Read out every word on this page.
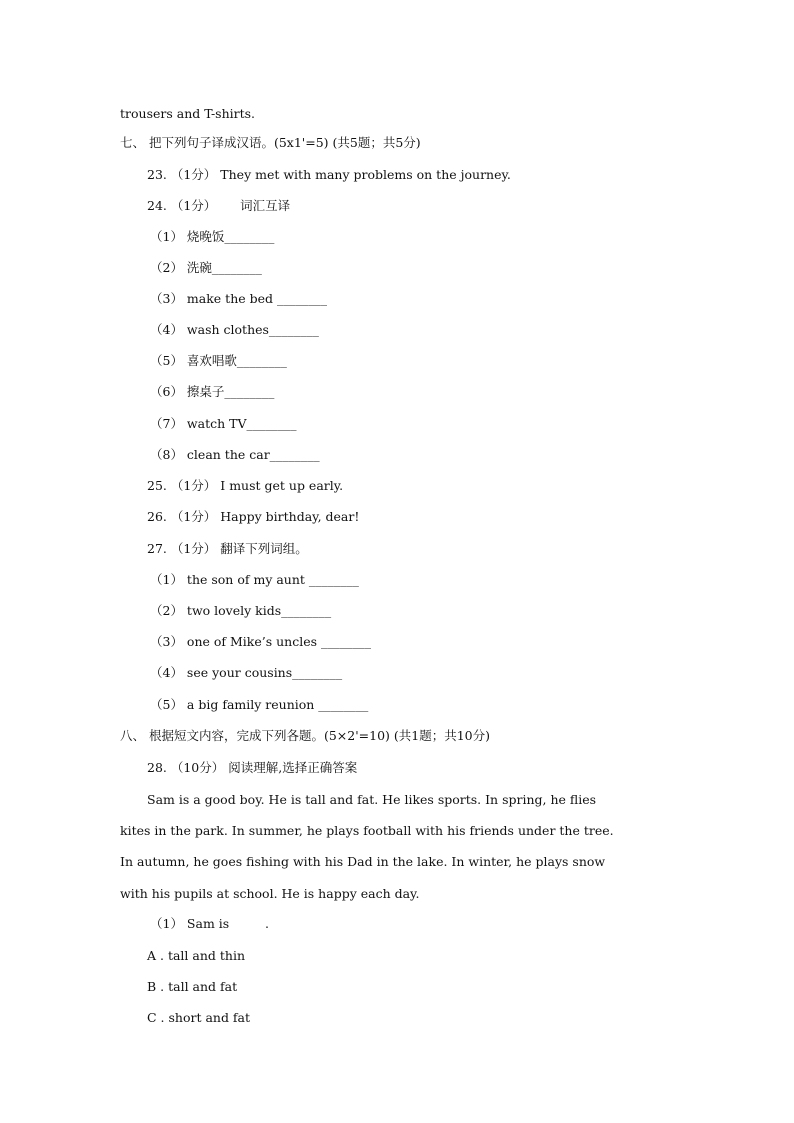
trousers and T-shirts.
七、 把下列句子译成汉语。(5x1'=5) (共5题；共5分)
23. （1分） They met with many problems on the journey.
24. （1分）      词汇互译
（1） 烧晚饭________
（2） 洗碗________
（3） make the bed ________
（4） wash clothes________
（5） 喜欢唱歌________
（6） 擦桌子________
（7） watch TV________
（8） clean the car________
25. （1分） I must get up early.
26. （1分） Happy birthday, dear!
27. （1分） 翻译下列词组。
（1） the son of my aunt ________
（2） two lovely kids________
（3） one of Mike’s uncles ________
（4） see your cousins________
（5） a big family reunion ________
八、 根据短文内容，完成下列各题。(5×2'=10) (共1题；共10分)
28. （10分） 阅读理解,选择正确答案
Sam is a good boy. He is tall and fat. He likes sports. In spring, he flies
kites in the park. In summer, he plays football with his friends under the tree.
In autumn, he goes fishing with his Dad in the lake. In winter, he plays snow
with his pupils at school. He is happy each day.
（1） Sam is         .
A . tall and thin
B . tall and fat
C . short and fat
